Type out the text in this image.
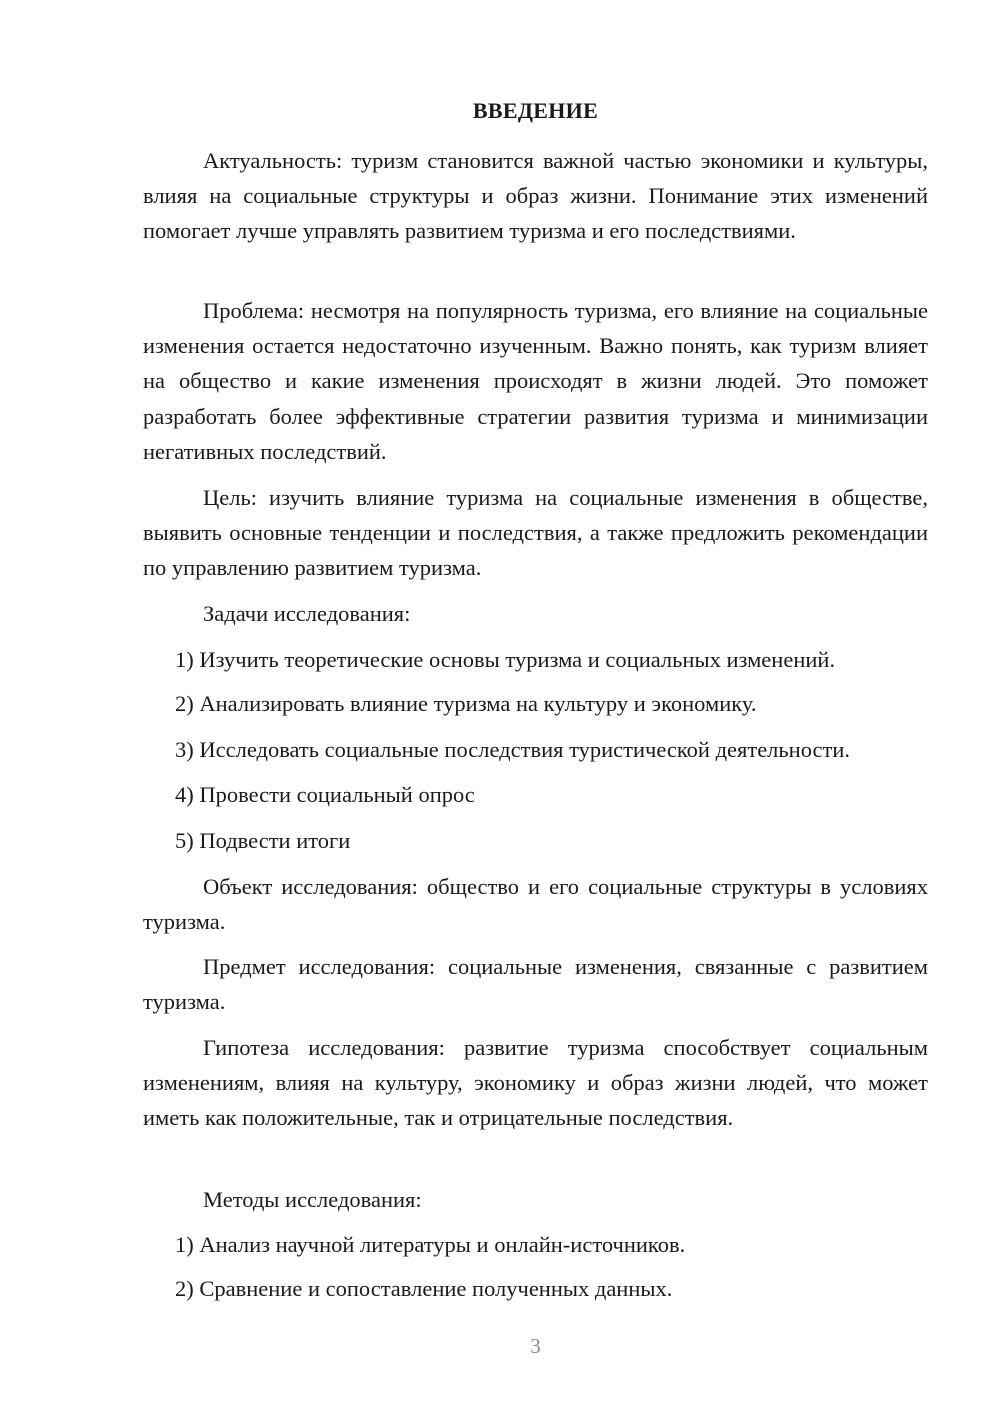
ВВЕДЕНИЕ

Актуальность: туризм становится важной частью экономики и культуры, влияя на социальные структуры и образ жизни. Понимание этих изменений помогает лучше управлять развитием туризма и его последствиями.

Проблема: несмотря на популярность туризма, его влияние на социальные изменения остается недостаточно изученным. Важно понять, как туризм влияет на общество и какие изменения происходят в жизни людей. Это поможет разработать более эффективные стратегии развития туризма и минимизации негативных последствий.

Цель: изучить влияние туризма на социальные изменения в обществе, выявить основные тенденции и последствия, а также предложить рекомендации по управлению развитием туризма.

Задачи исследования:

1) Изучить теоретические основы туризма и социальных изменений.

2) Анализировать влияние туризма на культуру и экономику.

3) Исследовать социальные последствия туристической деятельности.

4) Провести социальный опрос

5) Подвести итоги

Объект исследования: общество и его социальные структуры в условиях туризма.

Предмет исследования: социальные изменения, связанные с развитием туризма.

Гипотеза исследования: развитие туризма способствует социальным изменениям, влияя на культуру, экономику и образ жизни людей, что может иметь как положительные, так и отрицательные последствия.

Методы исследования:

1) Анализ научной литературы и онлайн-источников.

2) Сравнение и сопоставление полученных данных.

3
